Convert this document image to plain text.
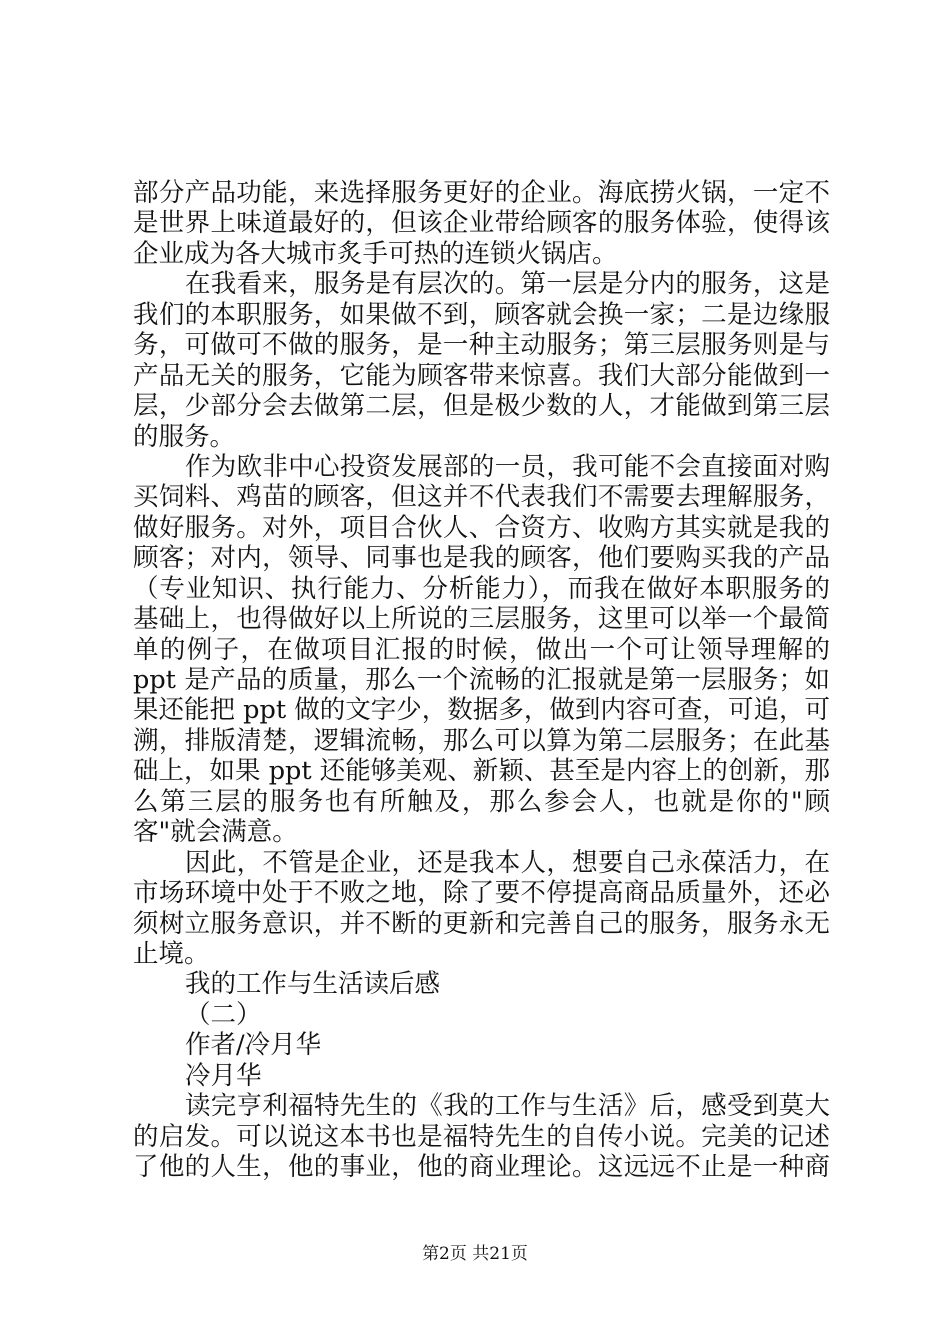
部分产品功能，来选择服务更好的企业。海底捞火锅，一定不
是世界上味道最好的，但该企业带给顾客的服务体验，使得该
企业成为各大城市炙手可热的连锁火锅店。
在我看来，服务是有层次的。第一层是分内的服务，这是
我们的本职服务，如果做不到，顾客就会换一家；二是边缘服
务，可做可不做的服务，是一种主动服务；第三层服务则是与
产品无关的服务，它能为顾客带来惊喜。我们大部分能做到一
层，少部分会去做第二层，但是极少数的人，才能做到第三层
的服务。
作为欧非中心投资发展部的一员，我可能不会直接面对购
买饲料、鸡苗的顾客，但这并不代表我们不需要去理解服务，
做好服务。对外，项目合伙人、合资方、收购方其实就是我的
顾客；对内，领导、同事也是我的顾客，他们要购买我的产品
（专业知识、执行能力、分析能力），而我在做好本职服务的
基础上，也得做好以上所说的三层服务，这里可以举一个最简
单的例子，在做项目汇报的时候，做出一个可让领导理解的
ppt 是产品的质量，那么一个流畅的汇报就是第一层服务；如
果还能把 ppt 做的文字少，数据多，做到内容可查，可追，可
溯，排版清楚，逻辑流畅，那么可以算为第二层服务；在此基
础上，如果 ppt 还能够美观、新颖、甚至是内容上的创新，那
么第三层的服务也有所触及，那么参会人，也就是你的"顾
客"就会满意。
因此，不管是企业，还是我本人，想要自己永葆活力，在
市场环境中处于不败之地，除了要不停提高商品质量外，还必
须树立服务意识，并不断的更新和完善自己的服务，服务永无
止境。
我的工作与生活读后感
（二）
作者/冷月华
冷月华
读完亨利福特先生的《我的工作与生活》后，感受到莫大
的启发。可以说这本书也是福特先生的自传小说。完美的记述
了他的人生，他的事业，他的商业理论。这远远不止是一种商
第2页 共21页
